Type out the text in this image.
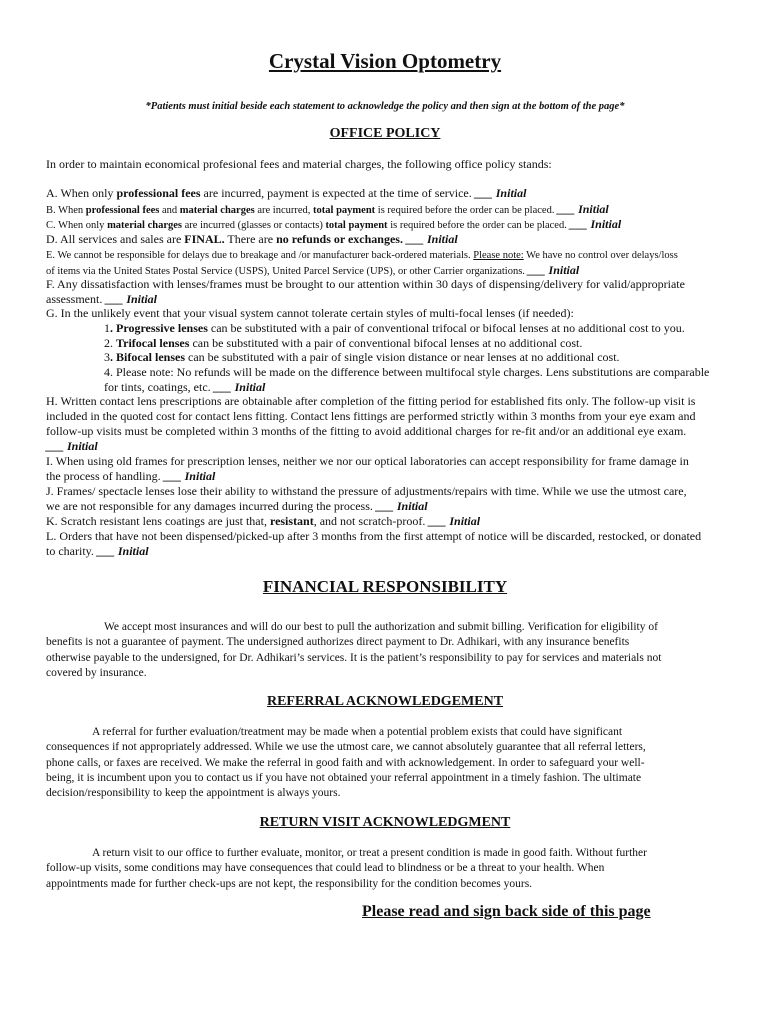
Crystal Vision Optometry
*Patients must initial beside each statement to acknowledge the policy and then sign at the bottom of the page*
OFFICE POLICY
In order to maintain economical profesional fees and material charges, the following office policy stands:
A. When only professional fees are incurred, payment is expected at the time of service. ___ Initial
B. When professional fees and material charges are incurred, total payment is required before the order can be placed. ___ Initial
C. When only material charges are incurred (glasses or contacts) total payment is required before the order can be placed. ___ Initial
D. All services and sales are FINAL. There are no refunds or exchanges. ___ Initial
E. We cannot be responsible for delays due to breakage and /or manufacturer back-ordered materials. Please note: We have no control over delays/loss
of items via the United States Postal Service (USPS), United Parcel Service (UPS), or other Carrier organizations. ___ Initial
F. Any dissatisfaction with lenses/frames must be brought to our attention within 30 days of dispensing/delivery for valid/appropriate
assessment. ___ Initial
G. In the unlikely event that your visual system cannot tolerate certain styles of multi-focal lenses (if needed):
1. Progressive lenses can be substituted with a pair of conventional trifocal or bifocal lenses at no additional cost to you.
2. Trifocal lenses can be substituted with a pair of conventional bifocal lenses at no additional cost.
3. Bifocal lenses can be substituted with a pair of single vision distance or near lenses at no additional cost.
4. Please note: No refunds will be made on the difference between multifocal style charges. Lens substitutions are comparable
for tints, coatings, etc. ___ Initial
H. Written contact lens prescriptions are obtainable after completion of the fitting period for established fits only. The follow-up visit is
included in the quoted cost for contact lens fitting. Contact lens fittings are performed strictly within 3 months from your eye exam and
follow-up visits must be completed within 3 months of the fitting to avoid additional charges for re-fit and/or an additional eye exam.
___ Initial
I. When using old frames for prescription lenses, neither we nor our optical laboratories can accept responsibility for frame damage in
the process of handling. ___ Initial
J. Frames/ spectacle lenses lose their ability to withstand the pressure of adjustments/repairs with time. While we use the utmost care,
we are not responsible for any damages incurred during the process. ___ Initial
K. Scratch resistant lens coatings are just that, resistant, and not scratch-proof. ___ Initial
L. Orders that have not been dispensed/picked-up after 3 months from the first attempt of notice will be discarded, restocked, or donated
to charity. ___ Initial
FINANCIAL RESPONSIBILITY
We accept most insurances and will do our best to pull the authorization and submit billing. Verification for eligibility of
benefits is not a guarantee of payment. The undersigned authorizes direct payment to Dr. Adhikari, with any insurance benefits
otherwise payable to the undersigned, for Dr. Adhikari’s services. It is the patient’s responsibility to pay for services and materials not
covered by insurance.
REFERRAL ACKNOWLEDGEMENT
A referral for further evaluation/treatment may be made when a potential problem exists that could have significant
consequences if not appropriately addressed. While we use the utmost care, we cannot absolutely guarantee that all referral letters,
phone calls, or faxes are received. We make the referral in good faith and with acknowledgement. In order to safeguard your well-
being, it is incumbent upon you to contact us if you have not obtained your referral appointment in a timely fashion. The ultimate
decision/responsibility to keep the appointment is always yours.
RETURN VISIT ACKNOWLEDGMENT
A return visit to our office to further evaluate, monitor, or treat a present condition is made in good faith. Without further
follow-up visits, some conditions may have consequences that could lead to blindness or be a threat to your health. When
appointments made for further check-ups are not kept, the responsibility for the condition becomes yours.
Please read and sign back side of this page
